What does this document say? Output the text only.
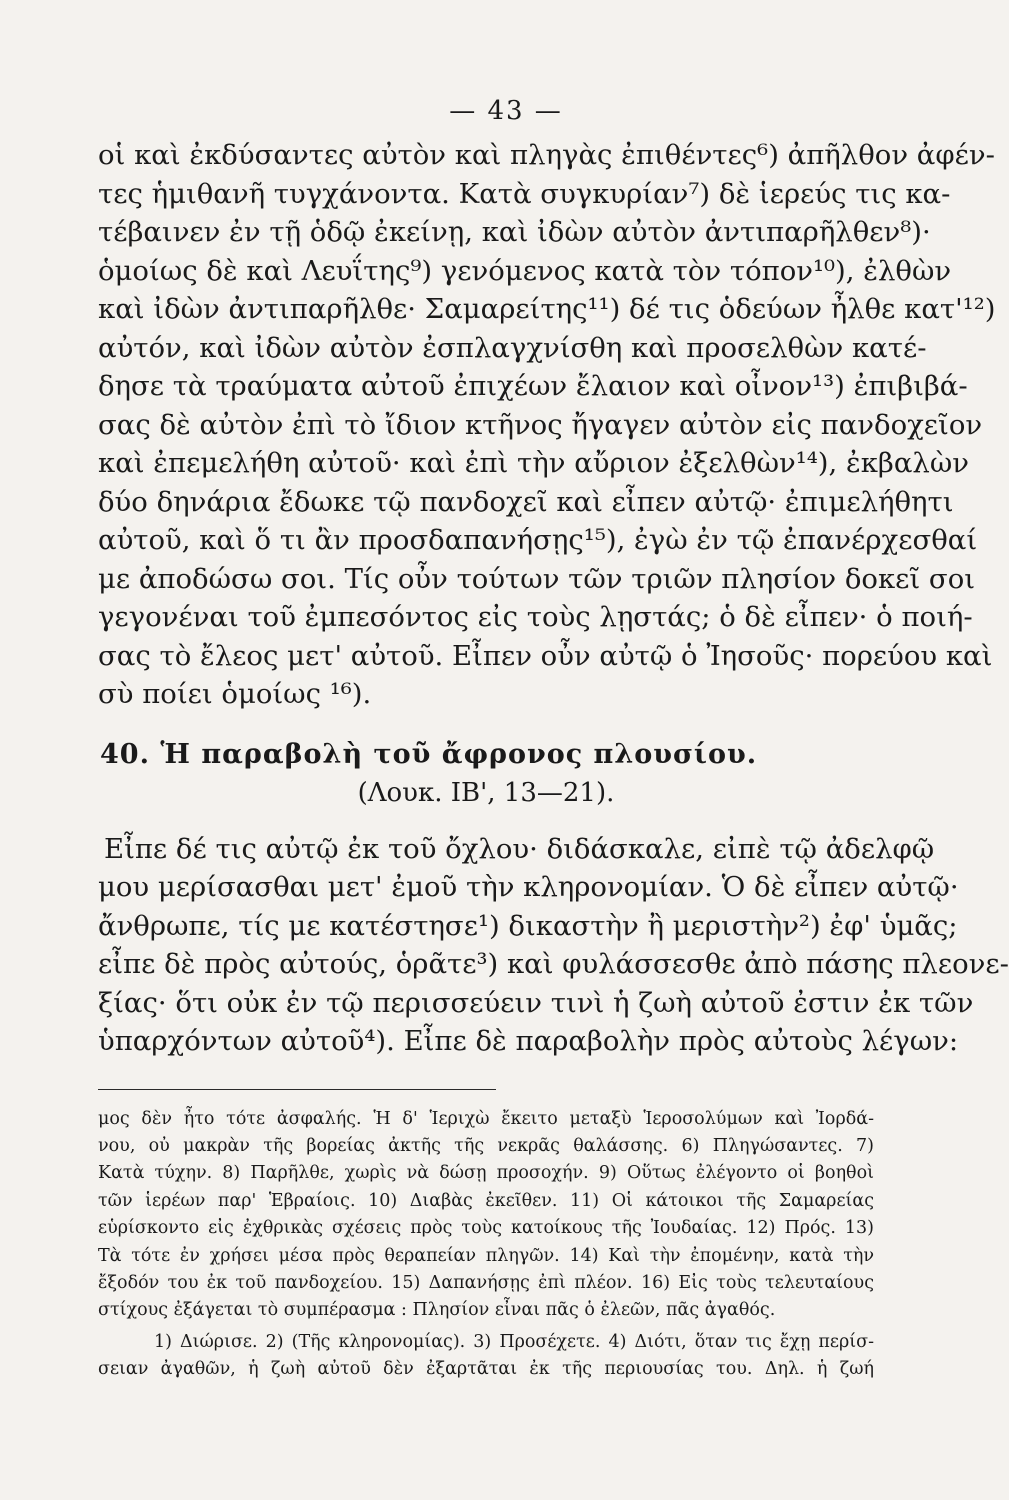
— 43 —
οἱ καὶ ἐκδύσαντες αὐτὸν καὶ πληγὰς ἐπιθέντες⁶) ἀπῆλθον ἀφέν-
τες ἡμιθανῆ τυγχάνοντα. Κατὰ συγκυρίαν⁷) δὲ ἱερεύς τις κα-
τέβαινεν ἐν τῇ ὁδῷ ἐκείνῃ, καὶ ἰδὼν αὐτὸν ἀντιπαρῆλθεν⁸)·
ὁμοίως δὲ καὶ Λευΐτης⁹) γενόμενος κατὰ τὸν τόπον¹⁰), ἐλθὼν
καὶ ἰδὼν ἀντιπαρῆλθε· Σαμαρείτης¹¹) δέ τις ὁδεύων ἦλθε κατ'¹²)
αὐτόν, καὶ ἰδὼν αὐτὸν ἐσπλαγχνίσθη καὶ προσελθὼν κατέ-
δησε τὰ τραύματα αὐτοῦ ἐπιχέων ἔλαιον καὶ οἶνον¹³) ἐπιβιβά-
σας δὲ αὐτὸν ἐπὶ τὸ ἴδιον κτῆνος ἤγαγεν αὐτὸν εἰς πανδοχεῖον
καὶ ἐπεμελήθη αὐτοῦ· καὶ ἐπὶ τὴν αὔριον ἐξελθὼν¹⁴), ἐκβαλὼν
δύο δηνάρια ἔδωκε τῷ πανδοχεῖ καὶ εἶπεν αὐτῷ· ἐπιμελήθητι
αὐτοῦ, καὶ ὅ τι ἂν προσδαπανήσῃς¹⁵), ἐγὼ ἐν τῷ ἐπανέρχεσθαί
με ἀποδώσω σοι. Τίς οὖν τούτων τῶν τριῶν πλησίον δοκεῖ σοι
γεγονέναι τοῦ ἐμπεσόντος εἰς τοὺς λῃστάς; ὁ δὲ εἶπεν· ὁ ποιή-
σας τὸ ἔλεος μετ' αὐτοῦ. Εἶπεν οὖν αὐτῷ ὁ Ἰησοῦς· πορεύου καὶ
σὺ ποίει ὁμοίως ¹⁶).
40. Ἡ παραβολὴ τοῦ ἄφρονος πλουσίου.
(Λουκ. ΙΒ', 13—21).
Εἶπε δέ τις αὐτῷ ἐκ τοῦ ὄχλου· διδάσκαλε, εἰπὲ τῷ ἀδελφῷ
μου μερίσασθαι μετ' ἐμοῦ τὴν κληρονομίαν. Ὁ δὲ εἶπεν αὐτῷ·
ἄνθρωπε, τίς με κατέστησε¹) δικαστὴν ἢ μεριστὴν²) ἐφ' ὑμᾶς;
εἶπε δὲ πρὸς αὐτούς, ὁρᾶτε³) καὶ φυλάσσεσθε ἀπὸ πάσης πλεονε-
ξίας· ὅτι οὐκ ἐν τῷ περισσεύειν τινὶ ἡ ζωὴ αὐτοῦ ἐστιν ἐκ τῶν
ὑπαρχόντων αὐτοῦ⁴). Εἶπε δὲ παραβολὴν πρὸς αὐτοὺς λέγων:
μος δὲν ἦτο τότε ἀσφαλής. Ἡ δ' Ἱεριχὼ ἔκειτο μεταξὺ Ἱεροσολύμων καὶ Ἰορδά-
νου, οὐ μακρὰν τῆς βορείας ἀκτῆς τῆς νεκρᾶς θαλάσσης. 6) Πληγώσαντες. 7)
Κατὰ τύχην. 8) Παρῆλθε, χωρὶς νὰ δώσῃ προσοχήν. 9) Οὕτως ἐλέγοντο οἱ βοηθοὶ
τῶν ἱερέων παρ' Ἑβραίοις. 10) Διαβὰς ἐκεῖθεν. 11) Οἱ κάτοικοι τῆς Σαμαρείας
εὑρίσκοντο εἰς ἐχθρικὰς σχέσεις πρὸς τοὺς κατοίκους τῆς Ἰουδαίας. 12) Πρός. 13)
Τὰ τότε ἐν χρήσει μέσα πρὸς θεραπείαν πληγῶν. 14) Καὶ τὴν ἐπομένην, κατὰ τὴν
ἔξοδόν του ἐκ τοῦ πανδοχείου. 15) Δαπανήσῃς ἐπὶ πλέον. 16) Εἰς τοὺς τελευταίους
στίχους ἐξάγεται τὸ συμπέρασμα : Πλησίον εἶναι πᾶς ὁ ἐλεῶν, πᾶς ἀγαθός.
1) Διώρισε. 2) (Τῆς κληρονομίας). 3) Προσέχετε. 4) Διότι, ὅταν τις ἔχῃ περίσ-
σειαν ἀγαθῶν, ἡ ζωὴ αὐτοῦ δὲν ἐξαρτᾶται ἐκ τῆς περιουσίας του. Δηλ. ἡ ζωή
